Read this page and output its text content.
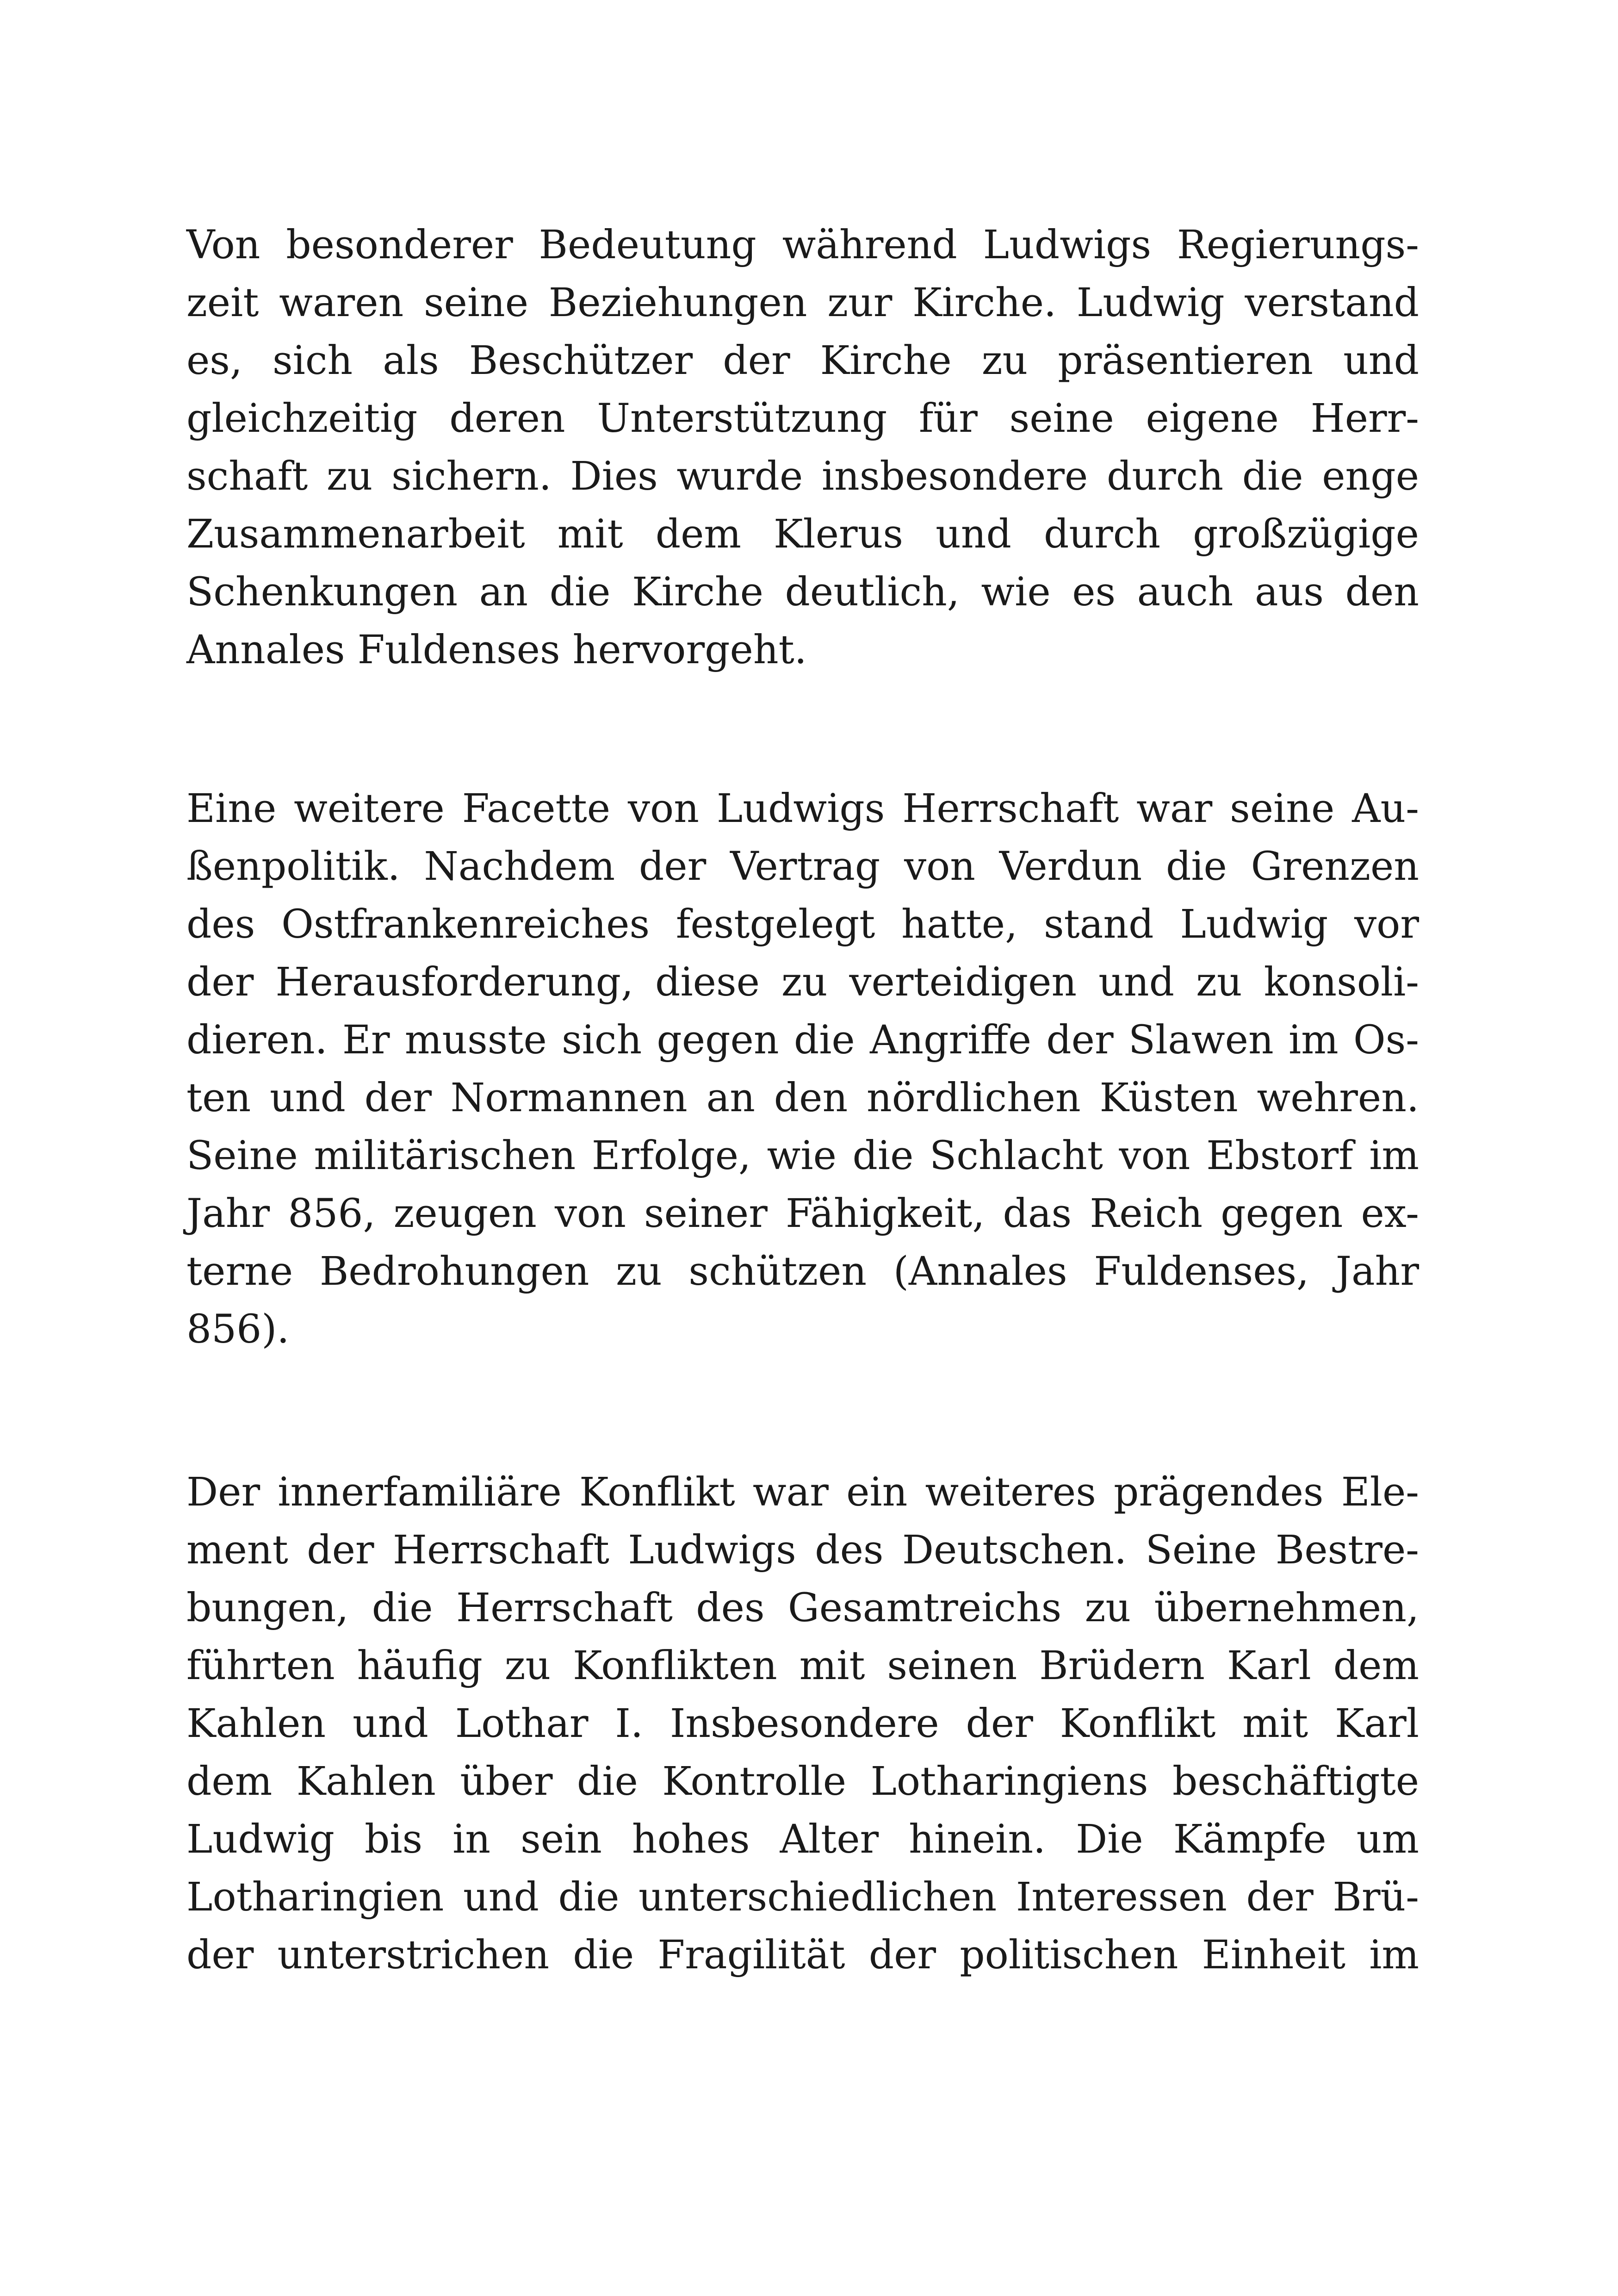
Von besonderer Bedeutung während Ludwigs Regierungs-
zeit waren seine Beziehungen zur Kirche. Ludwig verstand
es, sich als Beschützer der Kirche zu präsentieren und
gleichzeitig deren Unterstützung für seine eigene Herr-
schaft zu sichern. Dies wurde insbesondere durch die enge
Zusammenarbeit mit dem Klerus und durch großzügige
Schenkungen an die Kirche deutlich, wie es auch aus den
Annales Fuldenses hervorgeht.
Eine weitere Facette von Ludwigs Herrschaft war seine Au-
ßenpolitik. Nachdem der Vertrag von Verdun die Grenzen
des Ostfrankenreiches festgelegt hatte, stand Ludwig vor
der Herausforderung, diese zu verteidigen und zu konsoli-
dieren. Er musste sich gegen die Angriffe der Slawen im Os-
ten und der Normannen an den nördlichen Küsten wehren.
Seine militärischen Erfolge, wie die Schlacht von Ebstorf im
Jahr 856, zeugen von seiner Fähigkeit, das Reich gegen ex-
terne Bedrohungen zu schützen (Annales Fuldenses, Jahr
856).
Der innerfamiliäre Konflikt war ein weiteres prägendes Ele-
ment der Herrschaft Ludwigs des Deutschen. Seine Bestre-
bungen, die Herrschaft des Gesamtreichs zu übernehmen,
führten häufig zu Konflikten mit seinen Brüdern Karl dem
Kahlen und Lothar I. Insbesondere der Konflikt mit Karl
dem Kahlen über die Kontrolle Lotharingiens beschäftigte
Ludwig bis in sein hohes Alter hinein. Die Kämpfe um
Lotharingien und die unterschiedlichen Interessen der Brü-
der unterstrichen die Fragilität der politischen Einheit im
